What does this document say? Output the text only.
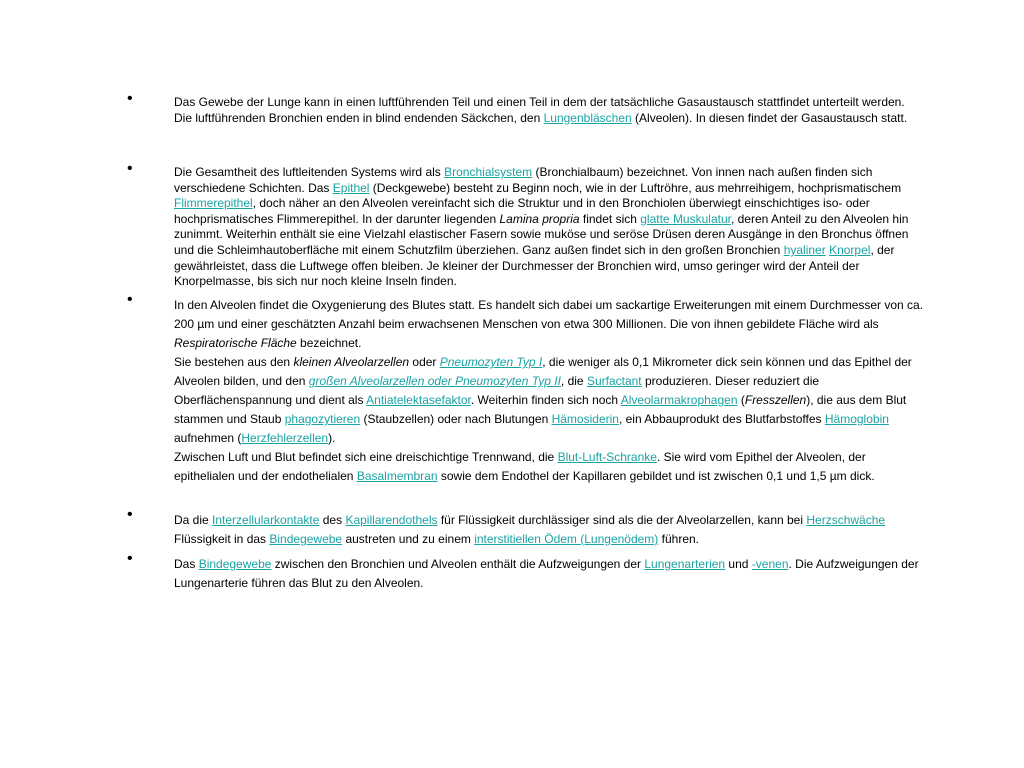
•	Das Gewebe der Lunge kann in einen luftführenden Teil und einen Teil in dem der tatsächliche Gasaustausch stattfindet unterteilt werden. Die luftführenden Bronchien enden in blind endenden Säckchen, den Lungenbläschen (Alveolen). In diesen findet der Gasaustausch statt.

•	Die Gesamtheit des luftleitenden Systems wird als Bronchialsystem (Bronchialbaum) bezeichnet. Von innen nach außen finden sich verschiedene Schichten. Das Epithel (Deckgewebe) besteht zu Beginn noch, wie in der Luftröhre, aus mehrreihigem, hochprismatischem Flimmerepithel, doch näher an den Alveolen vereinfacht sich die Struktur und in den Bronchiolen überwiegt einschichtiges iso- oder hochprismatisches Flimmerepithel. In der darunter liegenden Lamina propria findet sich glatte Muskulatur, deren Anteil zu den Alveolen hin zunimmt. Weiterhin enthält sie eine Vielzahl elastischer Fasern sowie muköse und seröse Drüsen deren Ausgänge in den Bronchus öffnen und die Schleimhautoberfläche mit einem Schutzfilm überziehen. Ganz außen findet sich in den großen Bronchien hyaliner Knorpel, der gewährleistet, dass die Luftwege offen bleiben. Je kleiner der Durchmesser der Bronchien wird, umso geringer wird der Anteil der Knorpelmasse, bis sich nur noch kleine Inseln finden.

•	In den Alveolen findet die Oxygenierung des Blutes statt. Es handelt sich dabei um sackartige Erweiterungen mit einem Durchmesser von ca. 200 µm und einer geschätzten Anzahl beim erwachsenen Menschen von etwa 300 Millionen. Die von ihnen gebildete Fläche wird als Respiratorische Fläche bezeichnet.
Sie bestehen aus den kleinen Alveolarzellen oder Pneumozyten Typ I, die weniger als 0,1 Mikrometer dick sein können und das Epithel der Alveolen bilden, und den großen Alveolarzellen oder Pneumozyten Typ II, die Surfactant produzieren. Dieser reduziert die Oberflächenspannung und dient als Antiatelektasefaktor. Weiterhin finden sich noch Alveolarmakrophagen (Fresszellen), die aus dem Blut stammen und Staub phagozytieren (Staubzellen) oder nach Blutungen Hämosiderin, ein Abbauprodukt des Blutfarbstoffes Hämoglobin aufnehmen (Herzfehlerzellen).
Zwischen Luft und Blut befindet sich eine dreischichtige Trennwand, die Blut-Luft-Schranke. Sie wird vom Epithel der Alveolen, der epithelialen und der endothelialen Basalmembran sowie dem Endothel der Kapillaren gebildet und ist zwischen 0,1 und 1,5 µm dick.
•	Da die Interzellularkontakte des Kapillarendothels für Flüssigkeit durchlässiger sind als die der Alveolarzellen, kann bei Herzschwäche Flüssigkeit in das Bindegewebe austreten und zu einem interstitiellen Ödem (Lungenödem) führen.

•	Das Bindegewebe zwischen den Bronchien und Alveolen enthält die Aufzweigungen der Lungenarterien und -venen. Die Aufzweigungen der Lungenarterie führen das Blut zu den Alveolen.
